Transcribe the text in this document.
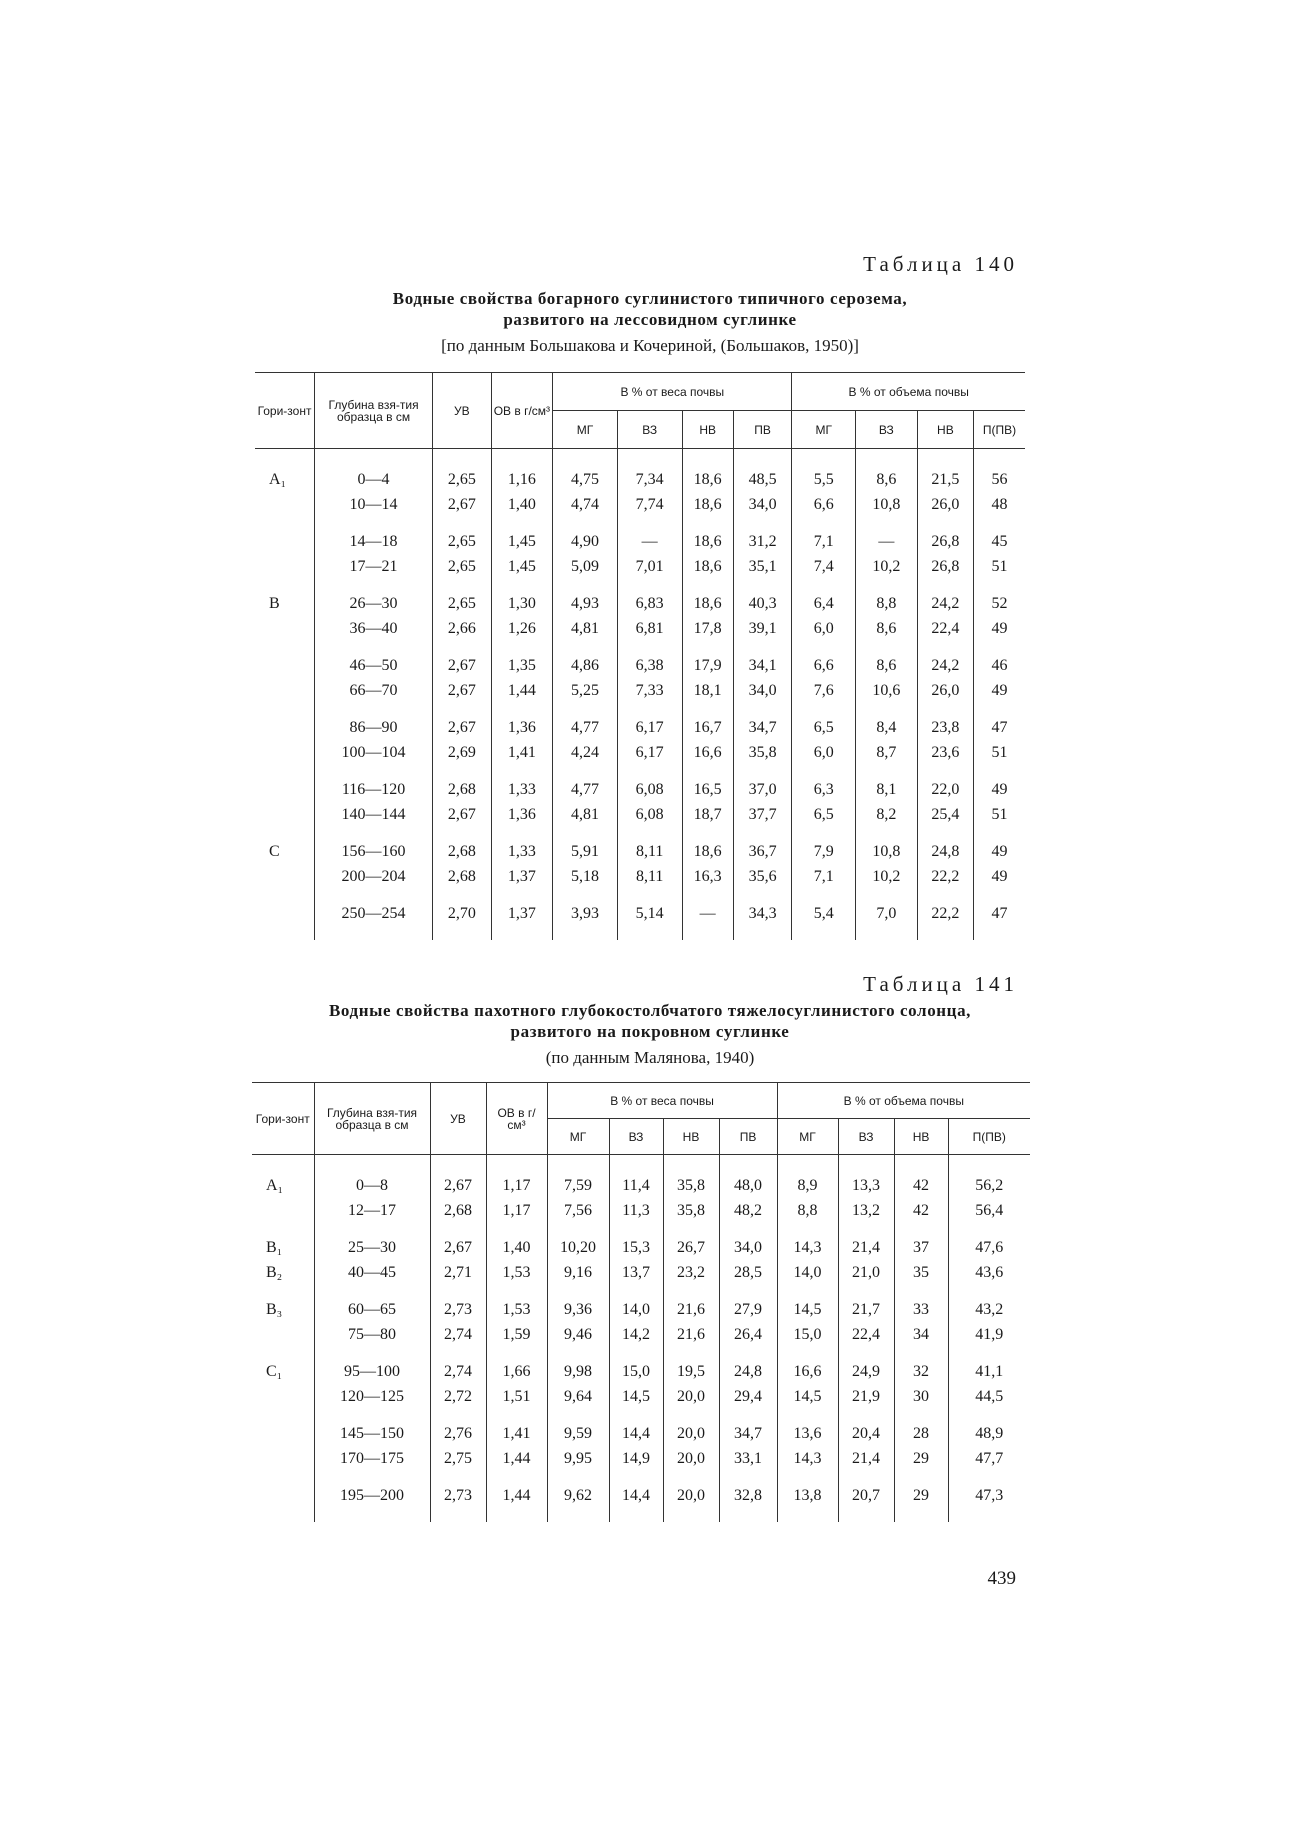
Таблица 140
Водные свойства богарного суглинистого типичного серозема,
развитого на лессовидном суглинке
[по данным Большакова и Кочериной, (Большаков, 1950)]
Гори-зонт	Глубина взя-тия образца в см	УВ	ОВ в г/см³	В % от веса почвы				В % от объема почвы			
				МГ	ВЗ	НВ	ПВ	МГ	ВЗ	НВ	П(ПВ)
A₁	0—4	2,65	1,16	4,75	7,34	18,6	48,5	5,5	8,6	21,5	56
	10—14	2,67	1,40	4,74	7,74	18,6	34,0	6,6	10,8	26,0	48

	14—18	2,65	1,45	4,90	—	18,6	31,2	7,1	—	26,8	45
	17—21	2,65	1,45	5,09	7,01	18,6	35,1	7,4	10,2	26,8	51

B	26—30	2,65	1,30	4,93	6,83	18,6	40,3	6,4	8,8	24,2	52
	36—40	2,66	1,26	4,81	6,81	17,8	39,1	6,0	8,6	22,4	49

	46—50	2,67	1,35	4,86	6,38	17,9	34,1	6,6	8,6	24,2	46
	66—70	2,67	1,44	5,25	7,33	18,1	34,0	7,6	10,6	26,0	49

	86—90	2,67	1,36	4,77	6,17	16,7	34,7	6,5	8,4	23,8	47
	100—104	2,69	1,41	4,24	6,17	16,6	35,8	6,0	8,7	23,6	51

	116—120	2,68	1,33	4,77	6,08	16,5	37,0	6,3	8,1	22,0	49
	140—144	2,67	1,36	4,81	6,08	18,7	37,7	6,5	8,2	25,4	51

C	156—160	2,68	1,33	5,91	8,11	18,6	36,7	7,9	10,8	24,8	49
	200—204	2,68	1,37	5,18	8,11	16,3	35,6	7,1	10,2	22,2	49

	250—254	2,70	1,37	3,93	5,14	—	34,3	5,4	7,0	22,2	47

Таблица 141
Водные свойства пахотного глубокостолбчатого тяжелосуглинистого солонца,
развитого на покровном суглинке
(по данным Малянова, 1940)
Гори-зонт	Глубина взя-тия образца в см	УВ	ОВ в г/см³	В % от веса почвы				В % от объема почвы			
				МГ	ВЗ	НВ	ПВ	МГ	ВЗ	НВ	П(ПВ)
A₁	0—8	2,67	1,17	7,59	11,4	35,8	48,0	8,9	13,3	42	56,2
	12—17	2,68	1,17	7,56	11,3	35,8	48,2	8,8	13,2	42	56,4

B₁	25—30	2,67	1,40	10,20	15,3	26,7	34,0	14,3	21,4	37	47,6
B₂	40—45	2,71	1,53	9,16	13,7	23,2	28,5	14,0	21,0	35	43,6

B₃	60—65	2,73	1,53	9,36	14,0	21,6	27,9	14,5	21,7	33	43,2
	75—80	2,74	1,59	9,46	14,2	21,6	26,4	15,0	22,4	34	41,9

C₁	95—100	2,74	1,66	9,98	15,0	19,5	24,8	16,6	24,9	32	41,1
	120—125	2,72	1,51	9,64	14,5	20,0	29,4	14,5	21,9	30	44,5

	145—150	2,76	1,41	9,59	14,4	20,0	34,7	13,6	20,4	28	48,9
	170—175	2,75	1,44	9,95	14,9	20,0	33,1	14,3	21,4	29	47,7

	195—200	2,73	1,44	9,62	14,4	20,0	32,8	13,8	20,7	29	47,3

439
